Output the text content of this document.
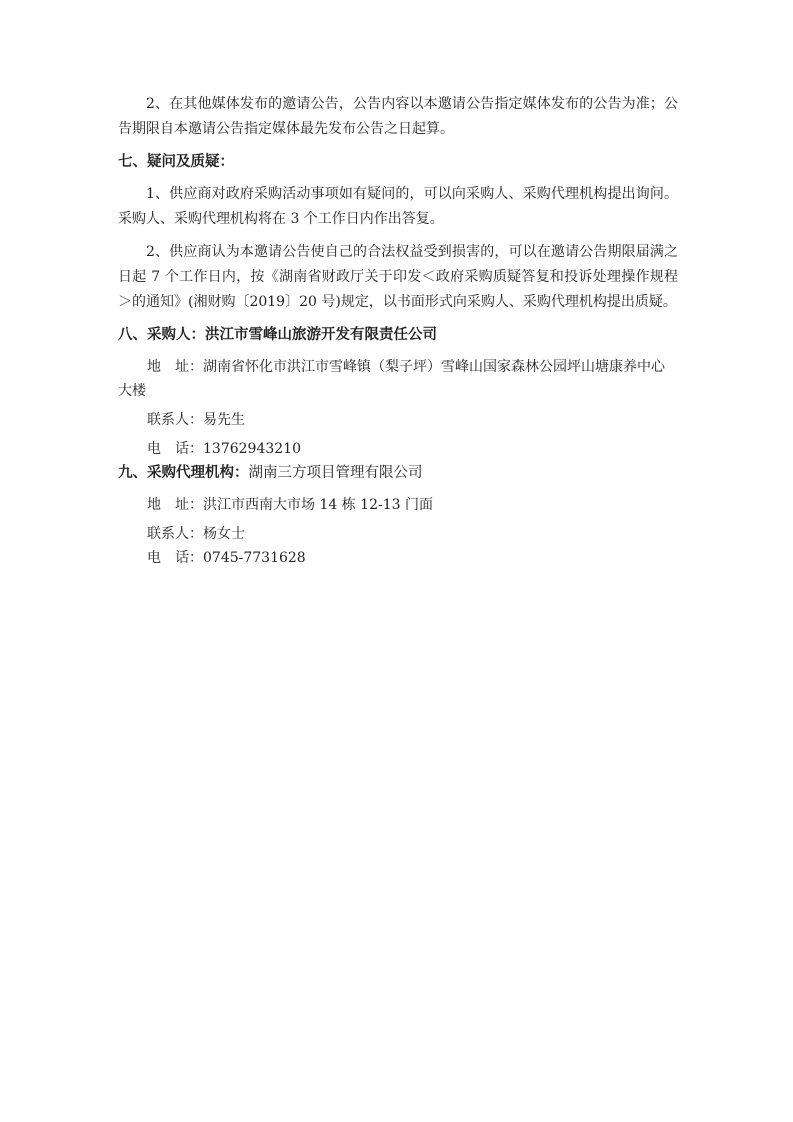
2、在其他媒体发布的邀请公告，公告内容以本邀请公告指定媒体发布的公告为准；公告期限自本邀请公告指定媒体最先发布公告之日起算。

七、疑问及质疑：

1、供应商对政府采购活动事项如有疑问的，可以向采购人、采购代理机构提出询问。采购人、采购代理机构将在 3 个工作日内作出答复。

2、供应商认为本邀请公告使自己的合法权益受到损害的，可以在邀请公告期限届满之日起 7 个工作日内，按《湖南省财政厅关于印发＜政府采购质疑答复和投诉处理操作规程＞的通知》(湘财购〔2019〕20 号)规定，以书面形式向采购人、采购代理机构提出质疑。

八、采购人：洪江市雪峰山旅游开发有限责任公司

地址：湖南省怀化市洪江市雪峰镇（梨子坪）雪峰山国家森林公园坪山塘康养中心大楼

联系人：易先生

电话：13762943210

九、采购代理机构：湖南三方项目管理有限公司

地址：洪江市西南大市场 14 栋 12-13 门面

联系人：杨女士

电话：0745-7731628
